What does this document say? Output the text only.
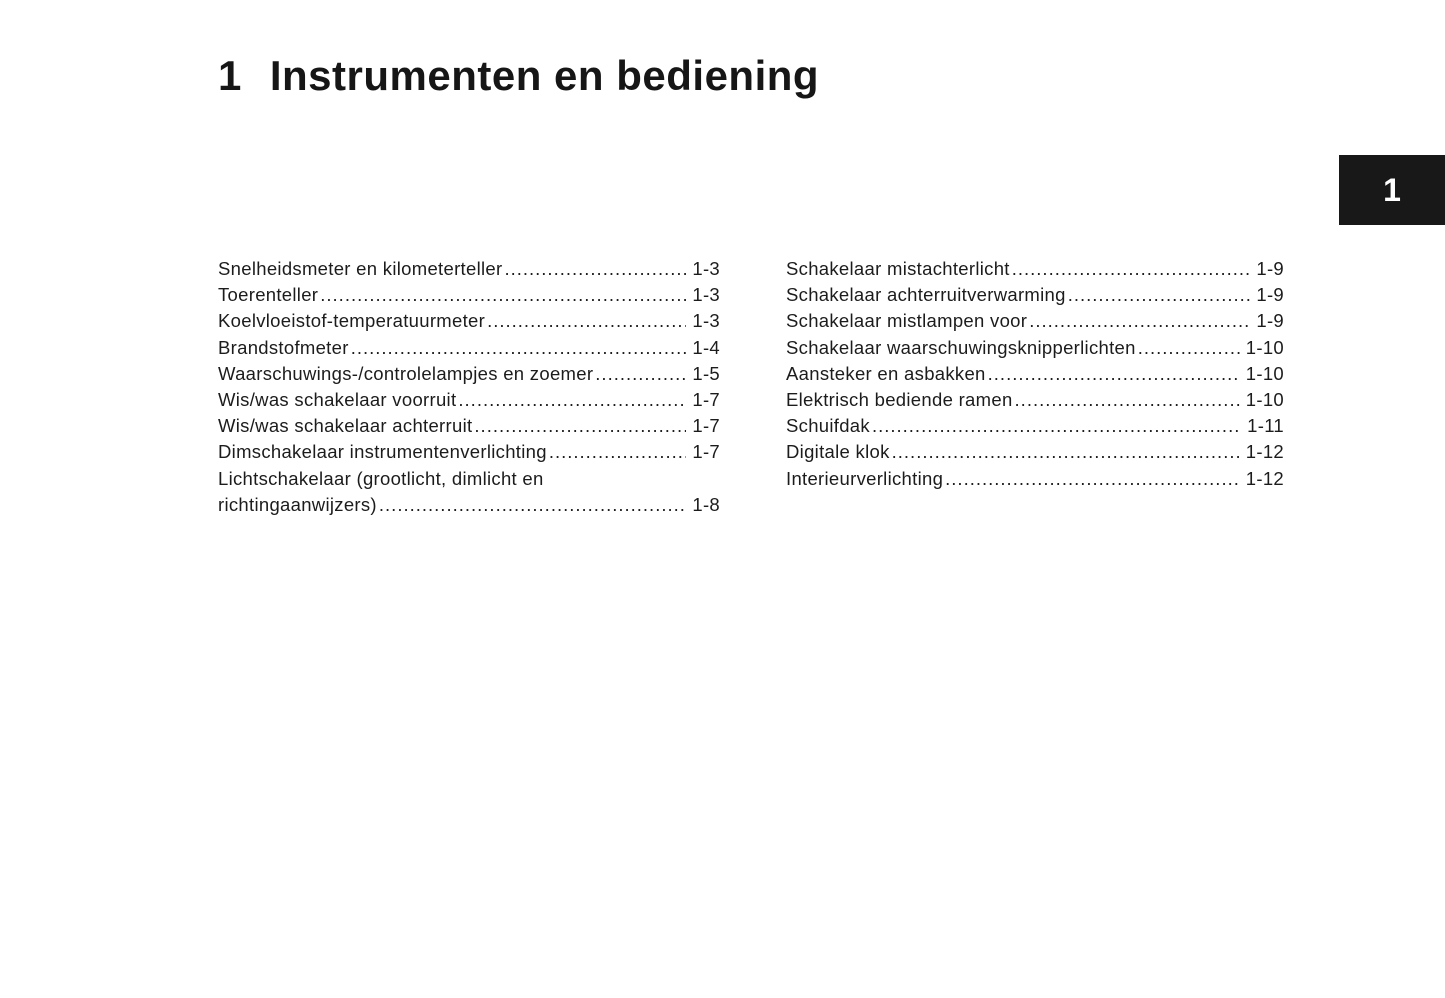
1 Instrumenten en bediening
1
Snelheidsmeter en kilometerteller .....	1-3
Toerenteller .....	1-3
Koelvloeistof-temperatuurmeter .....	1-3
Brandstofmeter .....	1-4
Waarschuwings-/controlelampjes en zoemer .....	1-5
Wis/was schakelaar voorruit .....	1-7
Wis/was schakelaar achterruit .....	1-7
Dimschakelaar instrumentenverlichting .....	1-7
Lichtschakelaar (grootlicht, dimlicht en
richtingaanwijzers) .....	1-8
Schakelaar mistachterlicht .....	1-9
Schakelaar achterruitverwarming .....	1-9
Schakelaar mistlampen voor .....	1-9
Schakelaar waarschuwingsknipperlichten .....	1-10
Aansteker en asbakken .....	1-10
Elektrisch bediende ramen .....	1-10
Schuifdak .....	1-11
Digitale klok .....	1-12
Interieurverlichting .....	1-12
